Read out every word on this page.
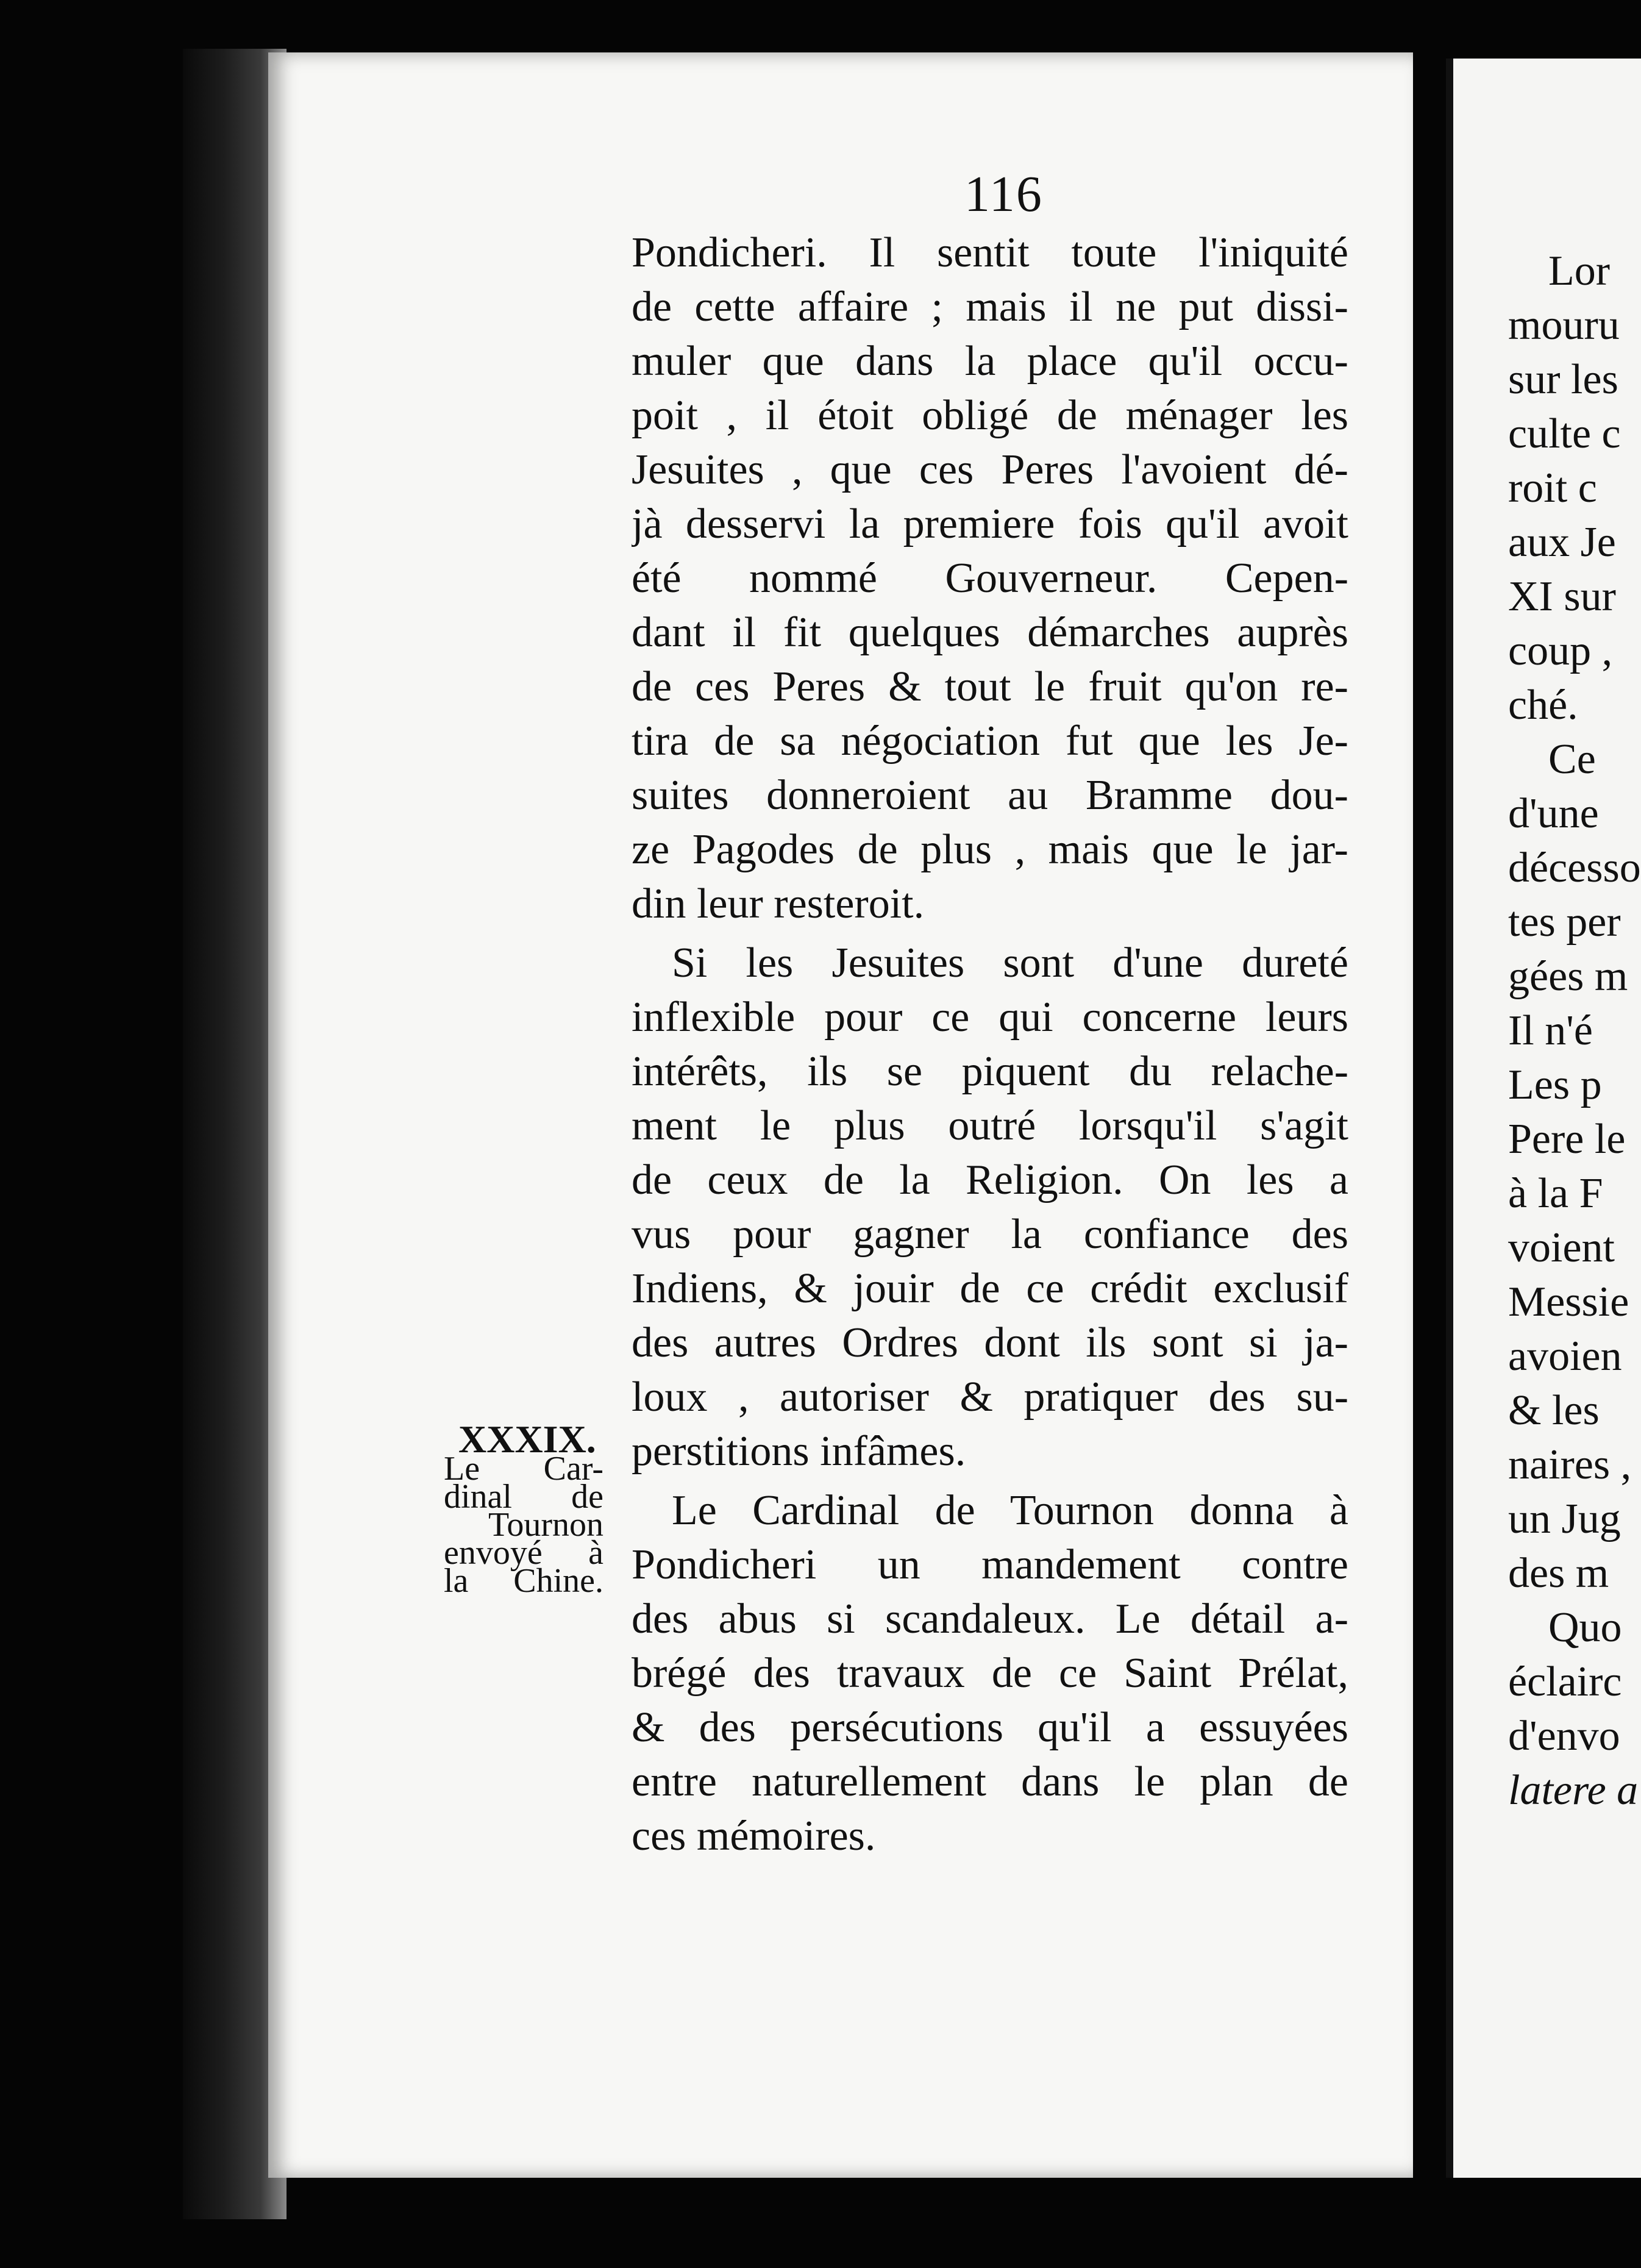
116
Pondicheri. Il sentit toute l'iniquité
de cette affaire ; mais il ne put dissi-
muler que dans la place qu'il occu-
poit , il étoit obligé de ménager les
Jesuites , que ces Peres l'avoient dé-
jà desservi la premiere fois qu'il avoit
été nommé Gouverneur. Cepen-
dant il fit quelques démarches auprès
de ces Peres & tout le fruit qu'on re-
tira de sa négociation fut que les Je-
suites donneroient au Bramme dou-
ze Pagodes de plus , mais que le jar-
din leur resteroit.
Si les Jesuites sont d'une dureté
inflexible pour ce qui concerne leurs
intérêts, ils se piquent du relache-
ment le plus outré lorsqu'il s'agit
de ceux de la Religion. On les a
vus pour gagner la confiance des
Indiens, & jouir de ce crédit exclusif
des autres Ordres dont ils sont si ja-
loux , autoriser & pratiquer des su-
perstitions infâmes.
Le Cardinal de Tournon donna à
Pondicheri un mandement contre
des abus si scandaleux. Le détail a-
brégé des travaux de ce Saint Prélat,
& des persécutions qu'il a essuyées
entre naturellement dans le plan de
ces mémoires.
XXXIX.
Le Car-
dinal de
Tournon
envoyé à
la Chine.
Lor
mouru
sur les
culte c
roit c
aux Je
XI sur
coup ,
ché.
Ce
d'une
décesso
tes per
gées m
Il n'é
Les p
Pere le
à la F
voient
Messie
avoien
& les
naires ,
un Jug
des m
Quo
éclairc
d'envo
latere a
